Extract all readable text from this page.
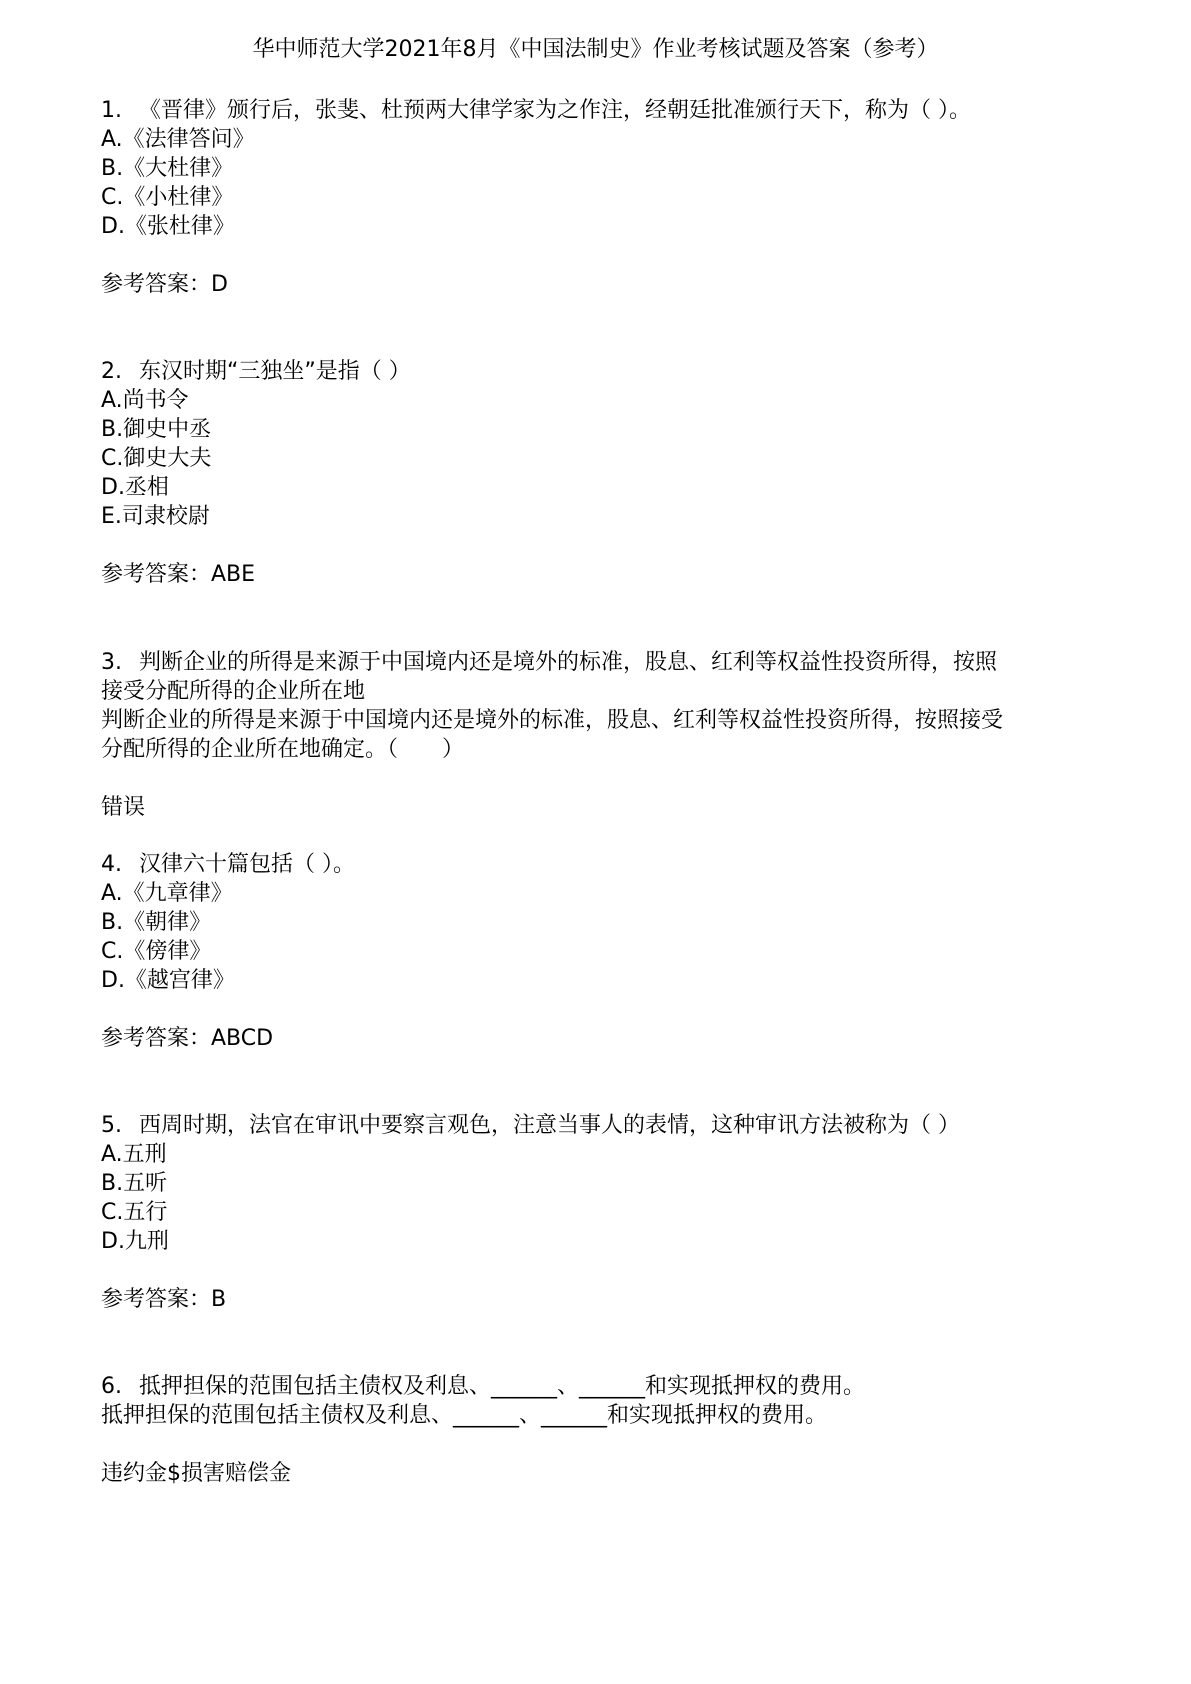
华中师范大学2021年8月《中国法制史》作业考核试题及答案（参考）
1. 《晋律》颁行后，张斐、杜预两大律学家为之作注，经朝廷批准颁行天下，称为（ ）。
A.《法律答问》
B.《大杜律》
C.《小杜律》
D.《张杜律》
参考答案：D
2. 东汉时期“三独坐”是指（ ）
A.尚书令
B.御史中丞
C.御史大夫
D.丞相
E.司隶校尉
参考答案：ABE
3. 判断企业的所得是来源于中国境内还是境外的标准，股息、红利等权益性投资所得，按照
接受分配所得的企业所在地
判断企业的所得是来源于中国境内还是境外的标准，股息、红利等权益性投资所得，按照接受
分配所得的企业所在地确定。（　　）
错误
4. 汉律六十篇包括（ ）。
A.《九章律》
B.《朝律》
C.《傍律》
D.《越宫律》
参考答案：ABCD
5. 西周时期，法官在审讯中要察言观色，注意当事人的表情，这种审讯方法被称为（ ）
A.五刑
B.五听
C.五行
D.九刑
参考答案：B
6. 抵押担保的范围包括主债权及利息、______、______和实现抵押权的费用。
抵押担保的范围包括主债权及利息、______、______和实现抵押权的费用。
违约金$损害赔偿金
